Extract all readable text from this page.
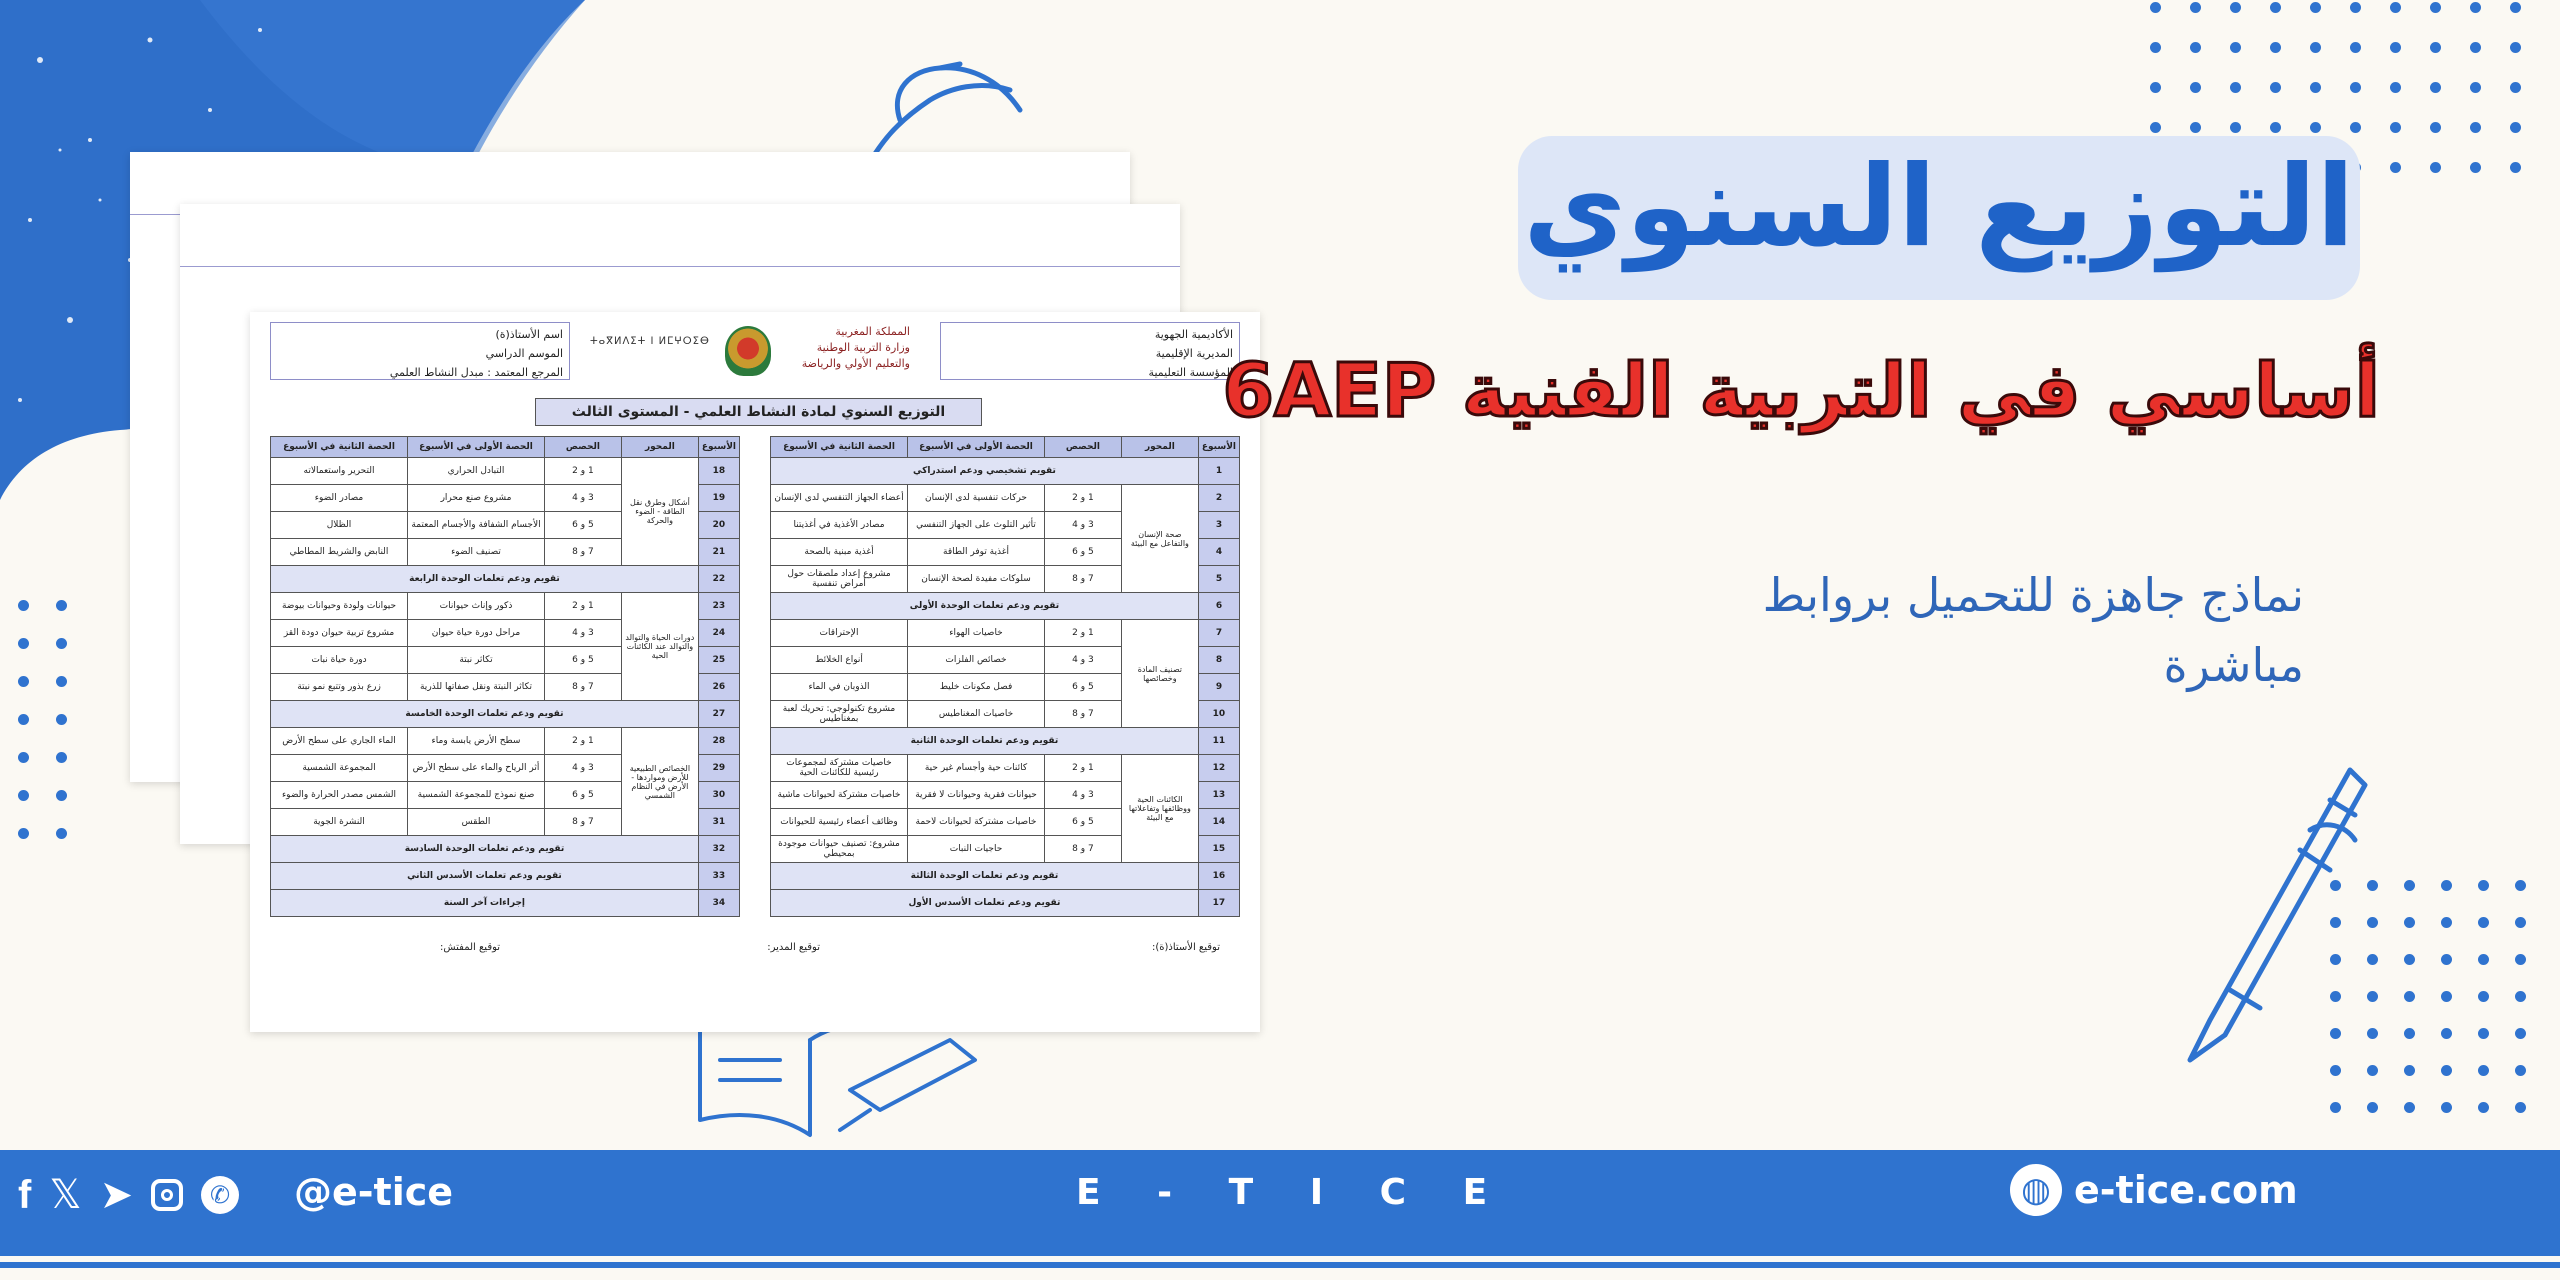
اسم الأستاذ(ة)
الموسم الدراسي
المرجع المعتمد : مبدل النشاط العلمي
المملكة المغربية
وزارة التربية الوطنية
والتعليم الأولي والرياضة
ⵜⴰⴳⵍⴷⵉⵜ ⵏ ⵍⵎⵖⵔⵉⴱ
الأكاديمية الجهوية
المديرية الإقليمية
المؤسسة التعليمية
التوزيع السنوي لمادة النشاط العلمي - المستوى الثالث
الأسبوع	المحور	الحصص	الحصة الأولى في الأسبوع	الحصة الثانية في الأسبوع
1	تقويم تشخيصي ودعم استدراكي			
2	صحة الإنسان والتفاعل مع البيئة	1 و 2	حركات تنفسية لدى الإنسان	أعضاء الجهاز التنفسي لدى الإنسان
3		3 و 4	تأثير التلوث على الجهاز التنفسي	مصادر الأغذية في أغذيتنا
4		5 و 6	أغذية توفر الطاقة	أغذية مبنية بالصحة
5		7 و 8	سلوكات مفيدة لصحة الإنسان	مشروع إعداد ملصقات حول أمراض تنفسية
6	تقويم ودعم تعلمات الوحدة الأولى			
7	تصنيف المادة وخصائصها	1 و 2	خاصيات الهواء	الإحتراقات
8		3 و 4	خصائص الفلزات	أنواع الخلائط
9		5 و 6	فصل مكونات خليط	الذوبان في الماء
10		7 و 8	خاصيات المغناطيس	مشروع تكنولوجي: تحريك لعبة بمغناطيس
11	تقويم ودعم تعلمات الوحدة الثانية			
12	الكائنات الحية ووظائفها وتفاعلاتها مع البيئة	1 و 2	كائنات حية وأجسام غير حية	خاصيات مشتركة لمجموعات رئيسية للكائنات الحية
13		3 و 4	حيوانات فقرية وحيوانات لا فقرية	خاصيات مشتركة لحيوانات ماشية
14		5 و 6	خاصيات مشتركة لحيوانات لاحمة	وظائف أعضاء رئيسية للحيوانات
15		7 و 8	حاجيات النبات	مشروع: تصنيف حيوانات موجودة بمحيطي
16	تقويم ودعم تعلمات الوحدة الثالثة			
17	تقويم ودعم تعلمات الأسدس الأول			
الأسبوع	المحور	الحصص	الحصة الأولى في الأسبوع	الحصة الثانية في الأسبوع
18	أشكال وطرق نقل الطاقة - الضوء والحركة	1 و 2	التبادل الحراري	التحرير واستعمالاته
19		3 و 4	مشروع صنع محرار	مصادر الضوء
20		5 و 6	الأجسام الشفافة والأجسام المعتمة	الظلال
21		7 و 8	تصنيف الضوء	النابض والشريط المطاطي
22	تقويم ودعم تعلمات الوحدة الرابعة			
23	دورات الحياة والتوالد والتوالد عند الكائنات الحية	1 و 2	ذكور وإناث حيوانات	حيوانات ولودة وحيوانات بيوضة
24		3 و 4	مراحل دورة حياة حيوان	مشروع تربية حيوان دودة القز
25		5 و 6	تكاثر نبتة	دورة حياة نبات
26		7 و 8	تكاثر النبتة ونقل صفاتها للذرية	زرع بذور وتتبع نمو نبتة
27	تقويم ودعم تعلمات الوحدة الخامسة			
28	الخصائص الطبيعية للأرض ومواردها - الأرض في النظام الشمسي	1 و 2	سطح الأرض يابسة وماء	الماء الجاري على سطح الأرض
29		3 و 4	أثر الرياح والماء على سطح الأرض	المجموعة الشمسية
30		5 و 6	صنع نموذج للمجموعة الشمسية	الشمس مصدر الحرارة والضوء
31		7 و 8	الطقس	النشرة الجوية
32	تقويم ودعم تعلمات الوحدة السادسة			
33	تقويم ودعم تعلمات الأسدس الثاني			
34	إجراءات آخر السنة			
توقيع الأستاذ(ة):
توقيع المدير:
توقيع المفتش:
التوزيع السنوي
أساسي في التربية الفنية 6AEP
نماذج جاهزة للتحميل بروابط مباشرة
f 𝕏 ➤	✆ @e-tice	E - T I C E	◍ e-tice.com
